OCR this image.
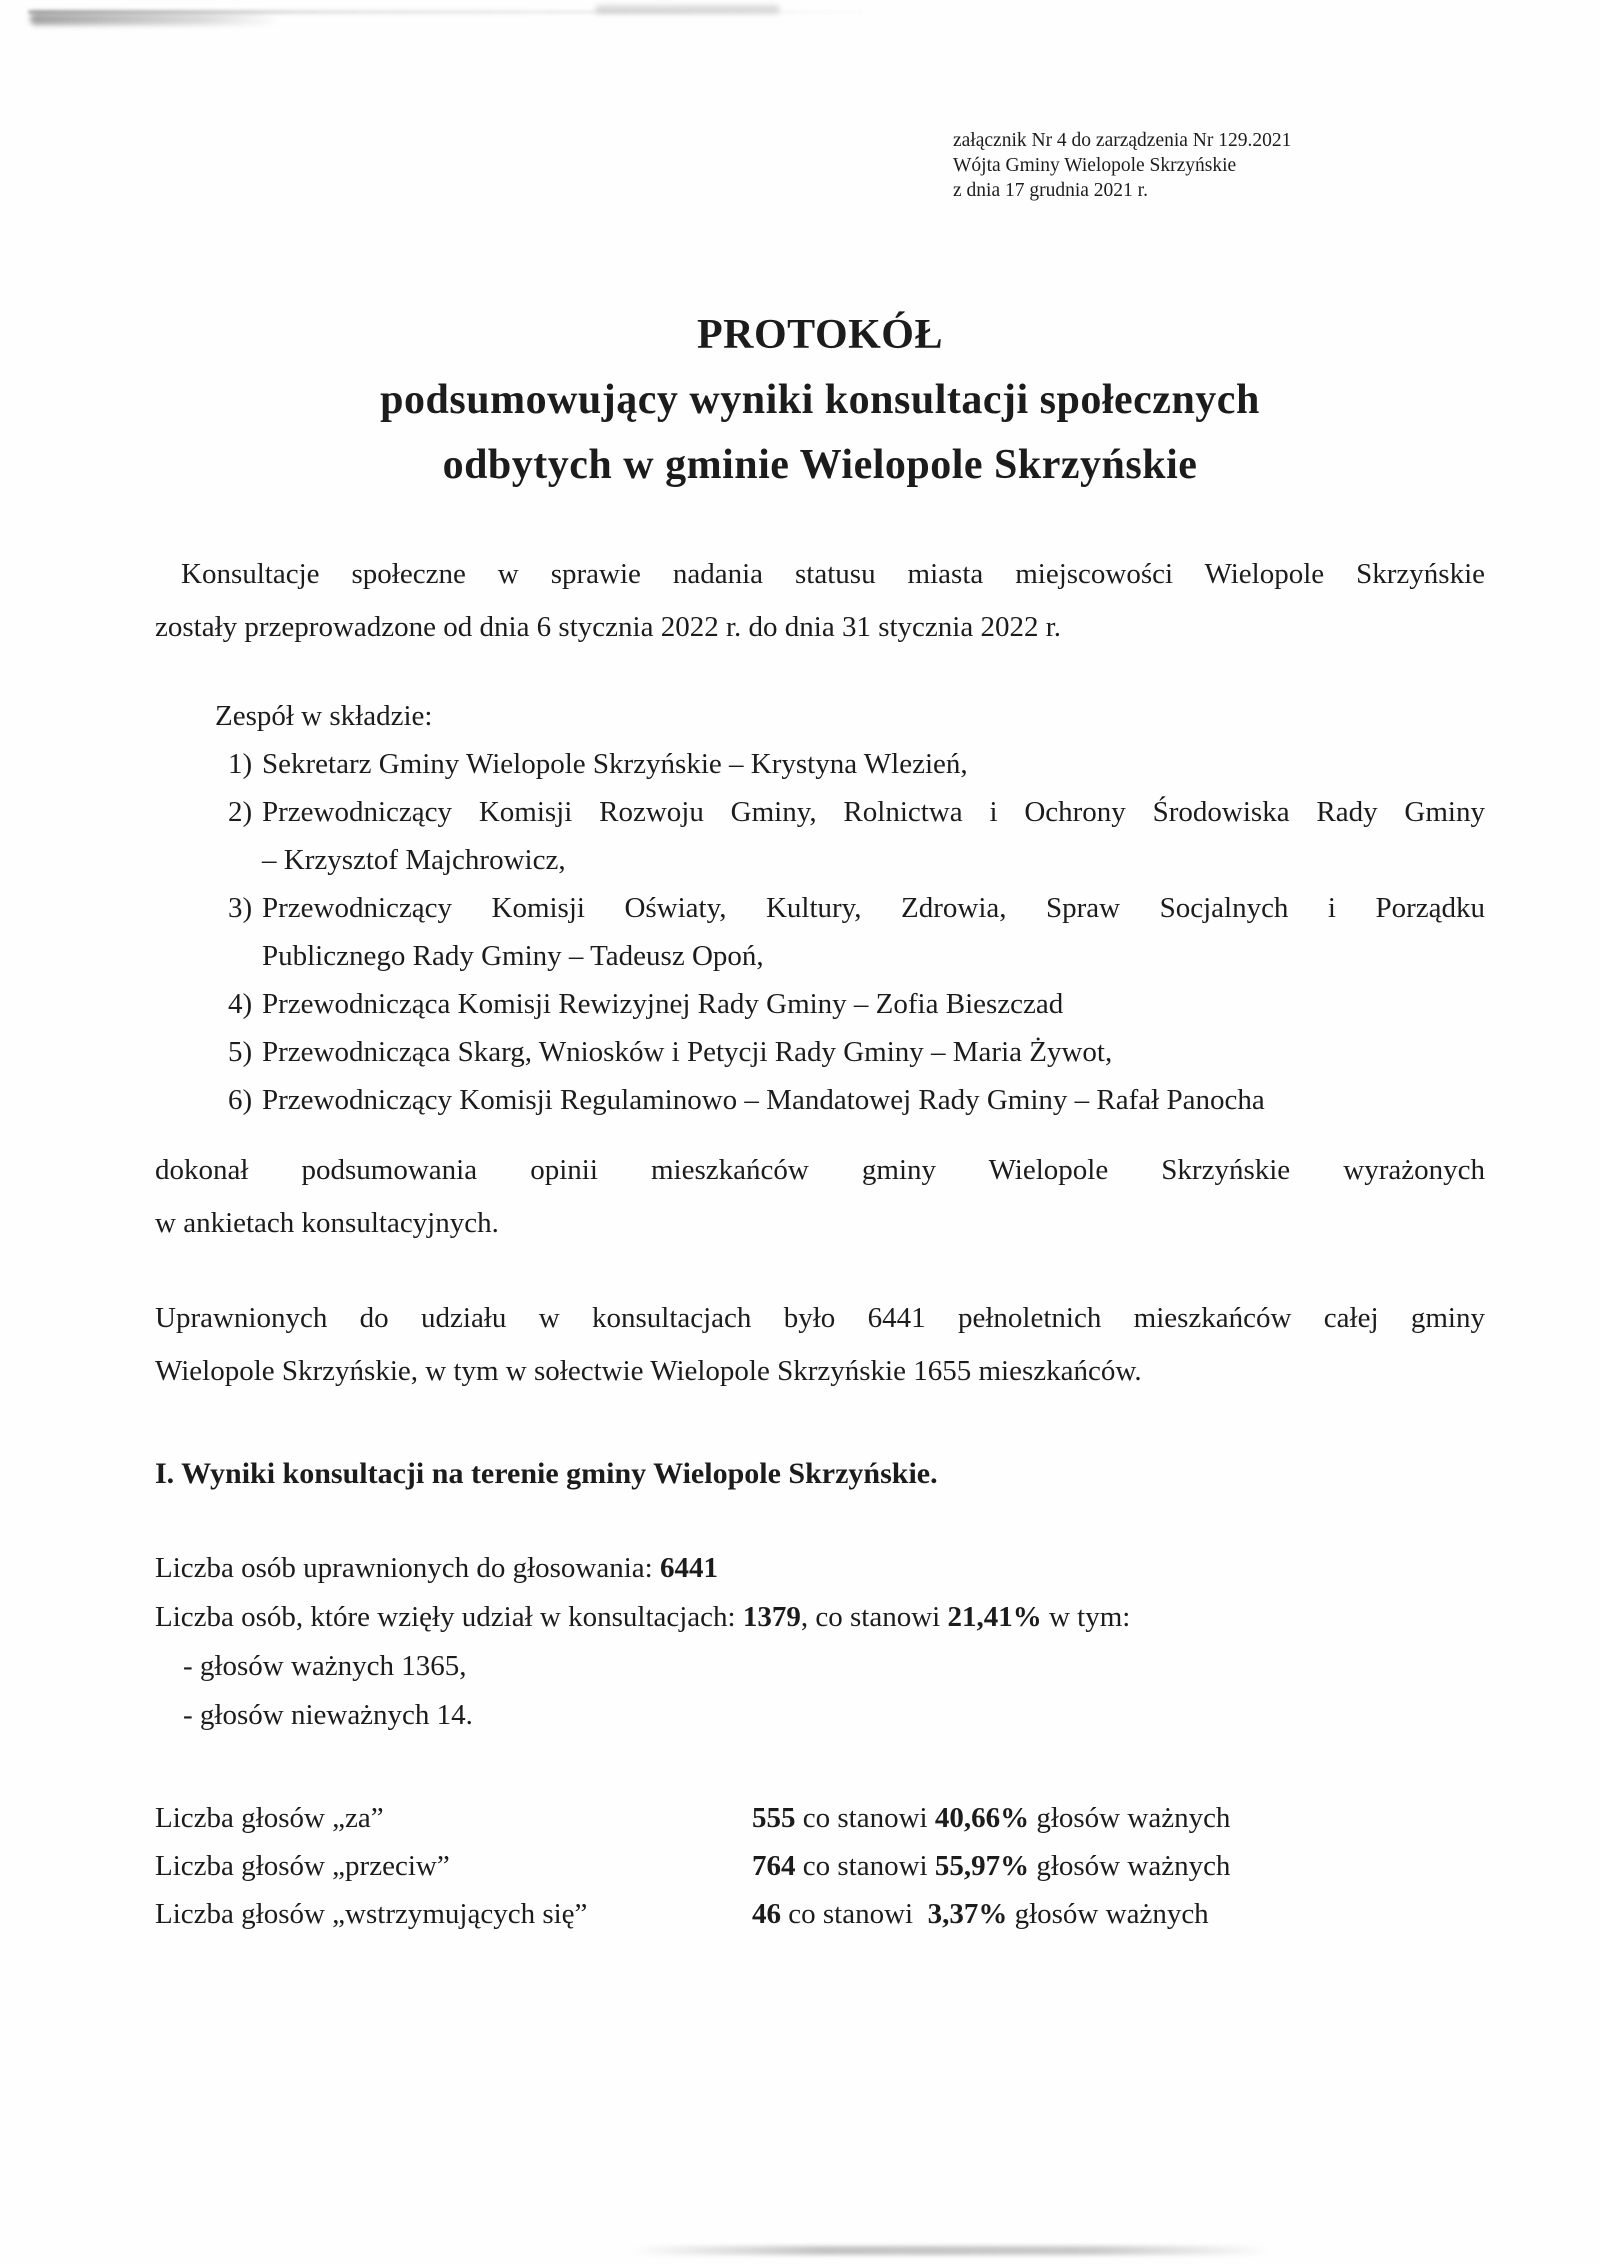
załącznik Nr 4 do zarządzenia Nr 129.2021
Wójta Gminy Wielopole Skrzyńskie
z dnia 17 grudnia 2021 r.
PROTOKÓŁ
podsumowujący wyniki konsultacji społecznych
odbytych w gminie Wielopole Skrzyńskie
Konsultacje społeczne w sprawie nadania statusu miasta miejscowości Wielopole Skrzyńskie
zostały przeprowadzone od dnia 6 stycznia 2022 r. do dnia 31 stycznia 2022 r.
Zespół w składzie:
1) Sekretarz Gminy Wielopole Skrzyńskie – Krystyna Wlezień,
2) Przewodniczący Komisji Rozwoju Gminy, Rolnictwa i Ochrony Środowiska Rady Gminy
– Krzysztof Majchrowicz,
3) Przewodniczący Komisji Oświaty, Kultury, Zdrowia, Spraw Socjalnych i Porządku
Publicznego Rady Gminy – Tadeusz Opoń,
4) Przewodnicząca Komisji Rewizyjnej Rady Gminy – Zofia Bieszczad
5) Przewodnicząca Skarg, Wniosków i Petycji Rady Gminy – Maria Żywot,
6) Przewodniczący Komisji Regulaminowo – Mandatowej Rady Gminy – Rafał Panocha
dokonał podsumowania opinii mieszkańców gminy Wielopole Skrzyńskie wyrażonych
w ankietach konsultacyjnych.
Uprawnionych do udziału w konsultacjach było 6441 pełnoletnich mieszkańców całej gminy
Wielopole Skrzyńskie, w tym w sołectwie Wielopole Skrzyńskie 1655 mieszkańców.
I. Wyniki konsultacji na terenie gminy Wielopole Skrzyńskie.
Liczba osób uprawnionych do głosowania: 6441
Liczba osób, które wzięły udział w konsultacjach: 1379, co stanowi 21,41% w tym:
- głosów ważnych 1365,
- głosów nieważnych 14.
Liczba głosów „za”	555 co stanowi 40,66% głosów ważnych
Liczba głosów „przeciw”	764 co stanowi 55,97% głosów ważnych
Liczba głosów „wstrzymujących się”	46 co stanowi  3,37% głosów ważnych
